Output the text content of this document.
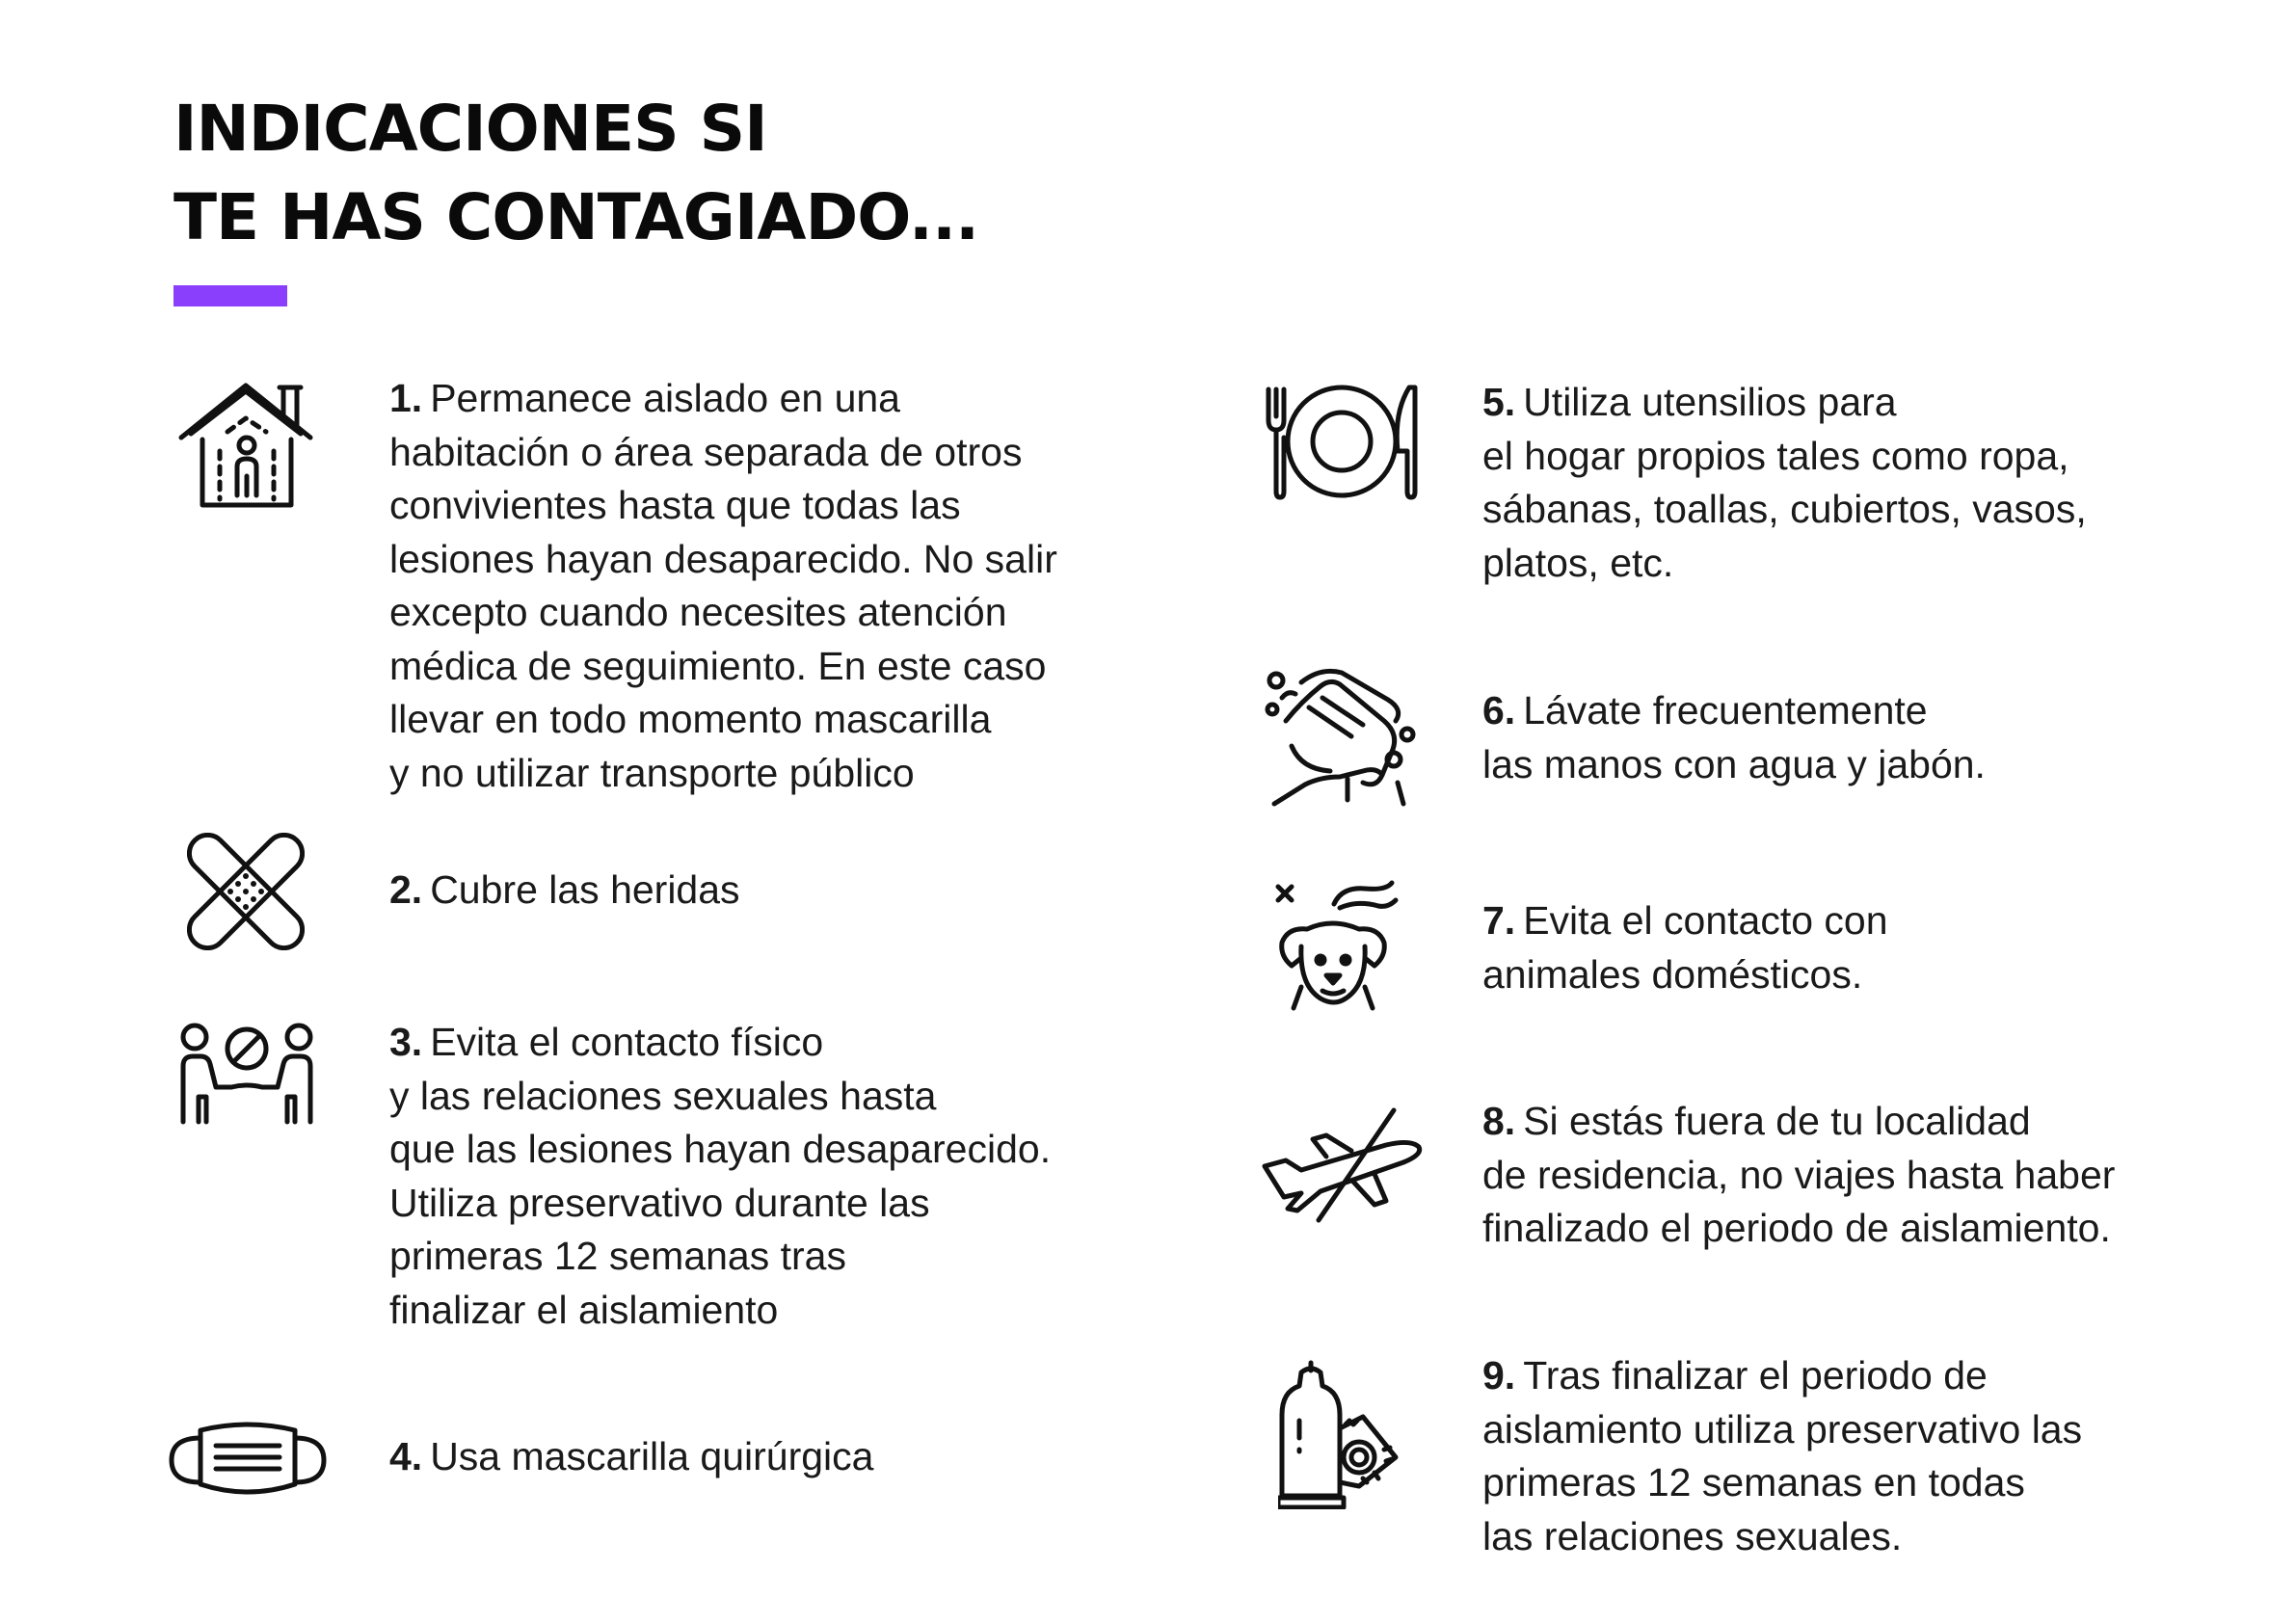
INDICACIONES SI
TE HAS CONTAGIADO...
1. Permanece aislado en una
habitación o área separada de otros
convivientes hasta que todas las
lesiones hayan desaparecido. No salir
excepto cuando necesites atención
médica de seguimiento. En este caso
llevar en todo momento mascarilla
y no utilizar transporte público
2. Cubre las heridas
3. Evita el contacto físico
y las relaciones sexuales hasta
que las lesiones hayan desaparecido.
Utiliza preservativo durante las
primeras 12 semanas tras
finalizar el aislamiento
4. Usa mascarilla quirúrgica
5. Utiliza utensilios para
el hogar propios tales como ropa,
sábanas, toallas, cubiertos, vasos,
platos, etc.
6. Lávate frecuentemente
las manos con agua y jabón.
7. Evita el contacto con
animales domésticos.
8. Si estás fuera de tu localidad
de residencia, no viajes hasta haber
finalizado el periodo de aislamiento.
9. Tras finalizar el periodo de
aislamiento utiliza preservativo las
primeras 12 semanas en todas
las relaciones sexuales.
